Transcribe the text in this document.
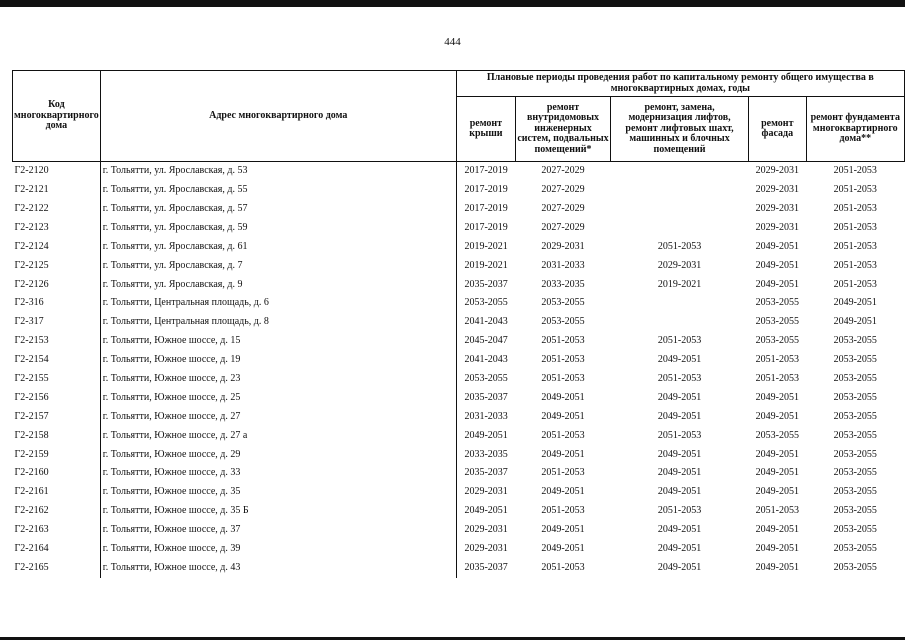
444
Код многоквартирного дома	Адрес многоквартирного дома	Плановые периоды проведения работ по капитальному ремонту общего имущества в многоквартирных домах, годы				
		ремонт крыши	ремонт внутридомовых инженерных систем, подвальных помещений*	ремонт, замена, модернизация лифтов, ремонт лифтовых шахт, машинных и блочных помещений	ремонт фасада	ремонт фундамента многоквартирного дома**
Г2-2120	г. Тольятти, ул. Ярославская, д. 53	2017-2019	2027-2029		2029-2031	2051-2053
Г2-2121	г. Тольятти, ул. Ярославская, д. 55	2017-2019	2027-2029		2029-2031	2051-2053
Г2-2122	г. Тольятти, ул. Ярославская, д. 57	2017-2019	2027-2029		2029-2031	2051-2053
Г2-2123	г. Тольятти, ул. Ярославская, д. 59	2017-2019	2027-2029		2029-2031	2051-2053
Г2-2124	г. Тольятти, ул. Ярославская, д. 61	2019-2021	2029-2031	2051-2053	2049-2051	2051-2053
Г2-2125	г. Тольятти, ул. Ярославская, д. 7	2019-2021	2031-2033	2029-2031	2049-2051	2051-2053
Г2-2126	г. Тольятти, ул. Ярославская, д. 9	2035-2037	2033-2035	2019-2021	2049-2051	2051-2053
Г2-316	г. Тольятти, Центральная площадь, д. 6	2053-2055	2053-2055		2053-2055	2049-2051
Г2-317	г. Тольятти, Центральная площадь, д. 8	2041-2043	2053-2055		2053-2055	2049-2051
Г2-2153	г. Тольятти, Южное шоссе, д. 15	2045-2047	2051-2053	2051-2053	2053-2055	2053-2055
Г2-2154	г. Тольятти, Южное шоссе, д. 19	2041-2043	2051-2053	2049-2051	2051-2053	2053-2055
Г2-2155	г. Тольятти, Южное шоссе, д. 23	2053-2055	2051-2053	2051-2053	2051-2053	2053-2055
Г2-2156	г. Тольятти, Южное шоссе, д. 25	2035-2037	2049-2051	2049-2051	2049-2051	2053-2055
Г2-2157	г. Тольятти, Южное шоссе, д. 27	2031-2033	2049-2051	2049-2051	2049-2051	2053-2055
Г2-2158	г. Тольятти, Южное шоссе, д. 27 а	2049-2051	2051-2053	2051-2053	2053-2055	2053-2055
Г2-2159	г. Тольятти, Южное шоссе, д. 29	2033-2035	2049-2051	2049-2051	2049-2051	2053-2055
Г2-2160	г. Тольятти, Южное шоссе, д. 33	2035-2037	2051-2053	2049-2051	2049-2051	2053-2055
Г2-2161	г. Тольятти, Южное шоссе, д. 35	2029-2031	2049-2051	2049-2051	2049-2051	2053-2055
Г2-2162	г. Тольятти, Южное шоссе, д. 35 Б	2049-2051	2051-2053	2051-2053	2051-2053	2053-2055
Г2-2163	г. Тольятти, Южное шоссе, д. 37	2029-2031	2049-2051	2049-2051	2049-2051	2053-2055
Г2-2164	г. Тольятти, Южное шоссе, д. 39	2029-2031	2049-2051	2049-2051	2049-2051	2053-2055
Г2-2165	г. Тольятти, Южное шоссе, д. 43	2035-2037	2051-2053	2049-2051	2049-2051	2053-2055
